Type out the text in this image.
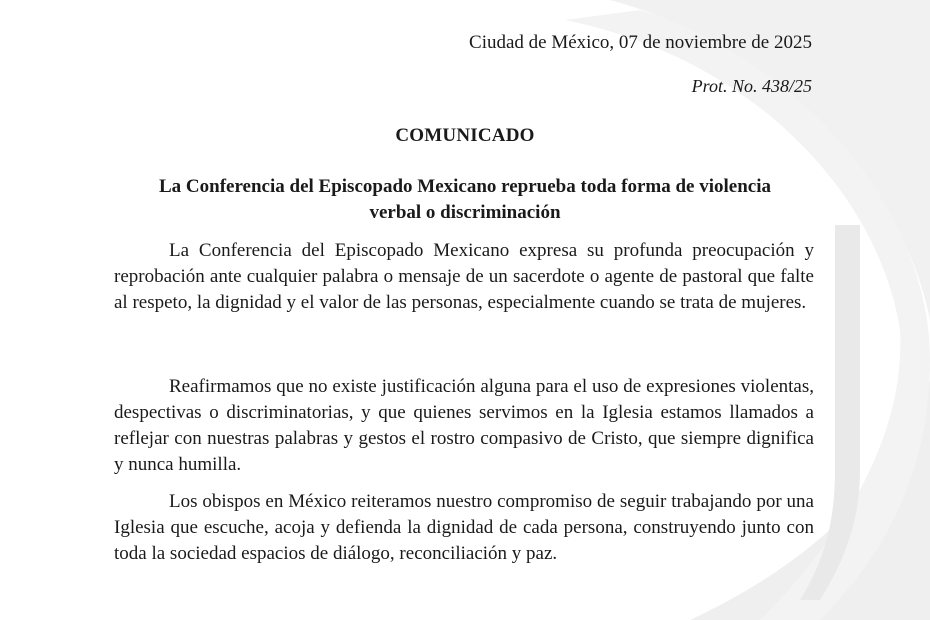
Ciudad de México, 07 de noviembre de 2025
Prot. No. 438/25
COMUNICADO
La Conferencia del Episcopado Mexicano reprueba toda forma de violencia verbal o discriminación

La Conferencia del Episcopado Mexicano expresa su profunda preocupación y reprobación ante cualquier palabra o mensaje de un sacerdote o agente de pastoral que falte al respeto, la dignidad y el valor de las personas, especialmente cuando se trata de mujeres.

Reafirmamos que no existe justificación alguna para el uso de expresiones violentas, despectivas o discriminatorias, y que quienes servimos en la Iglesia estamos llamados a reflejar con nuestras palabras y gestos el rostro compasivo de Cristo, que siempre dignifica y nunca humilla.

Los obispos en México reiteramos nuestro compromiso de seguir trabajando por una Iglesia que escuche, acoja y defienda la dignidad de cada persona, construyendo junto con toda la sociedad espacios de diálogo, reconciliación y paz.
